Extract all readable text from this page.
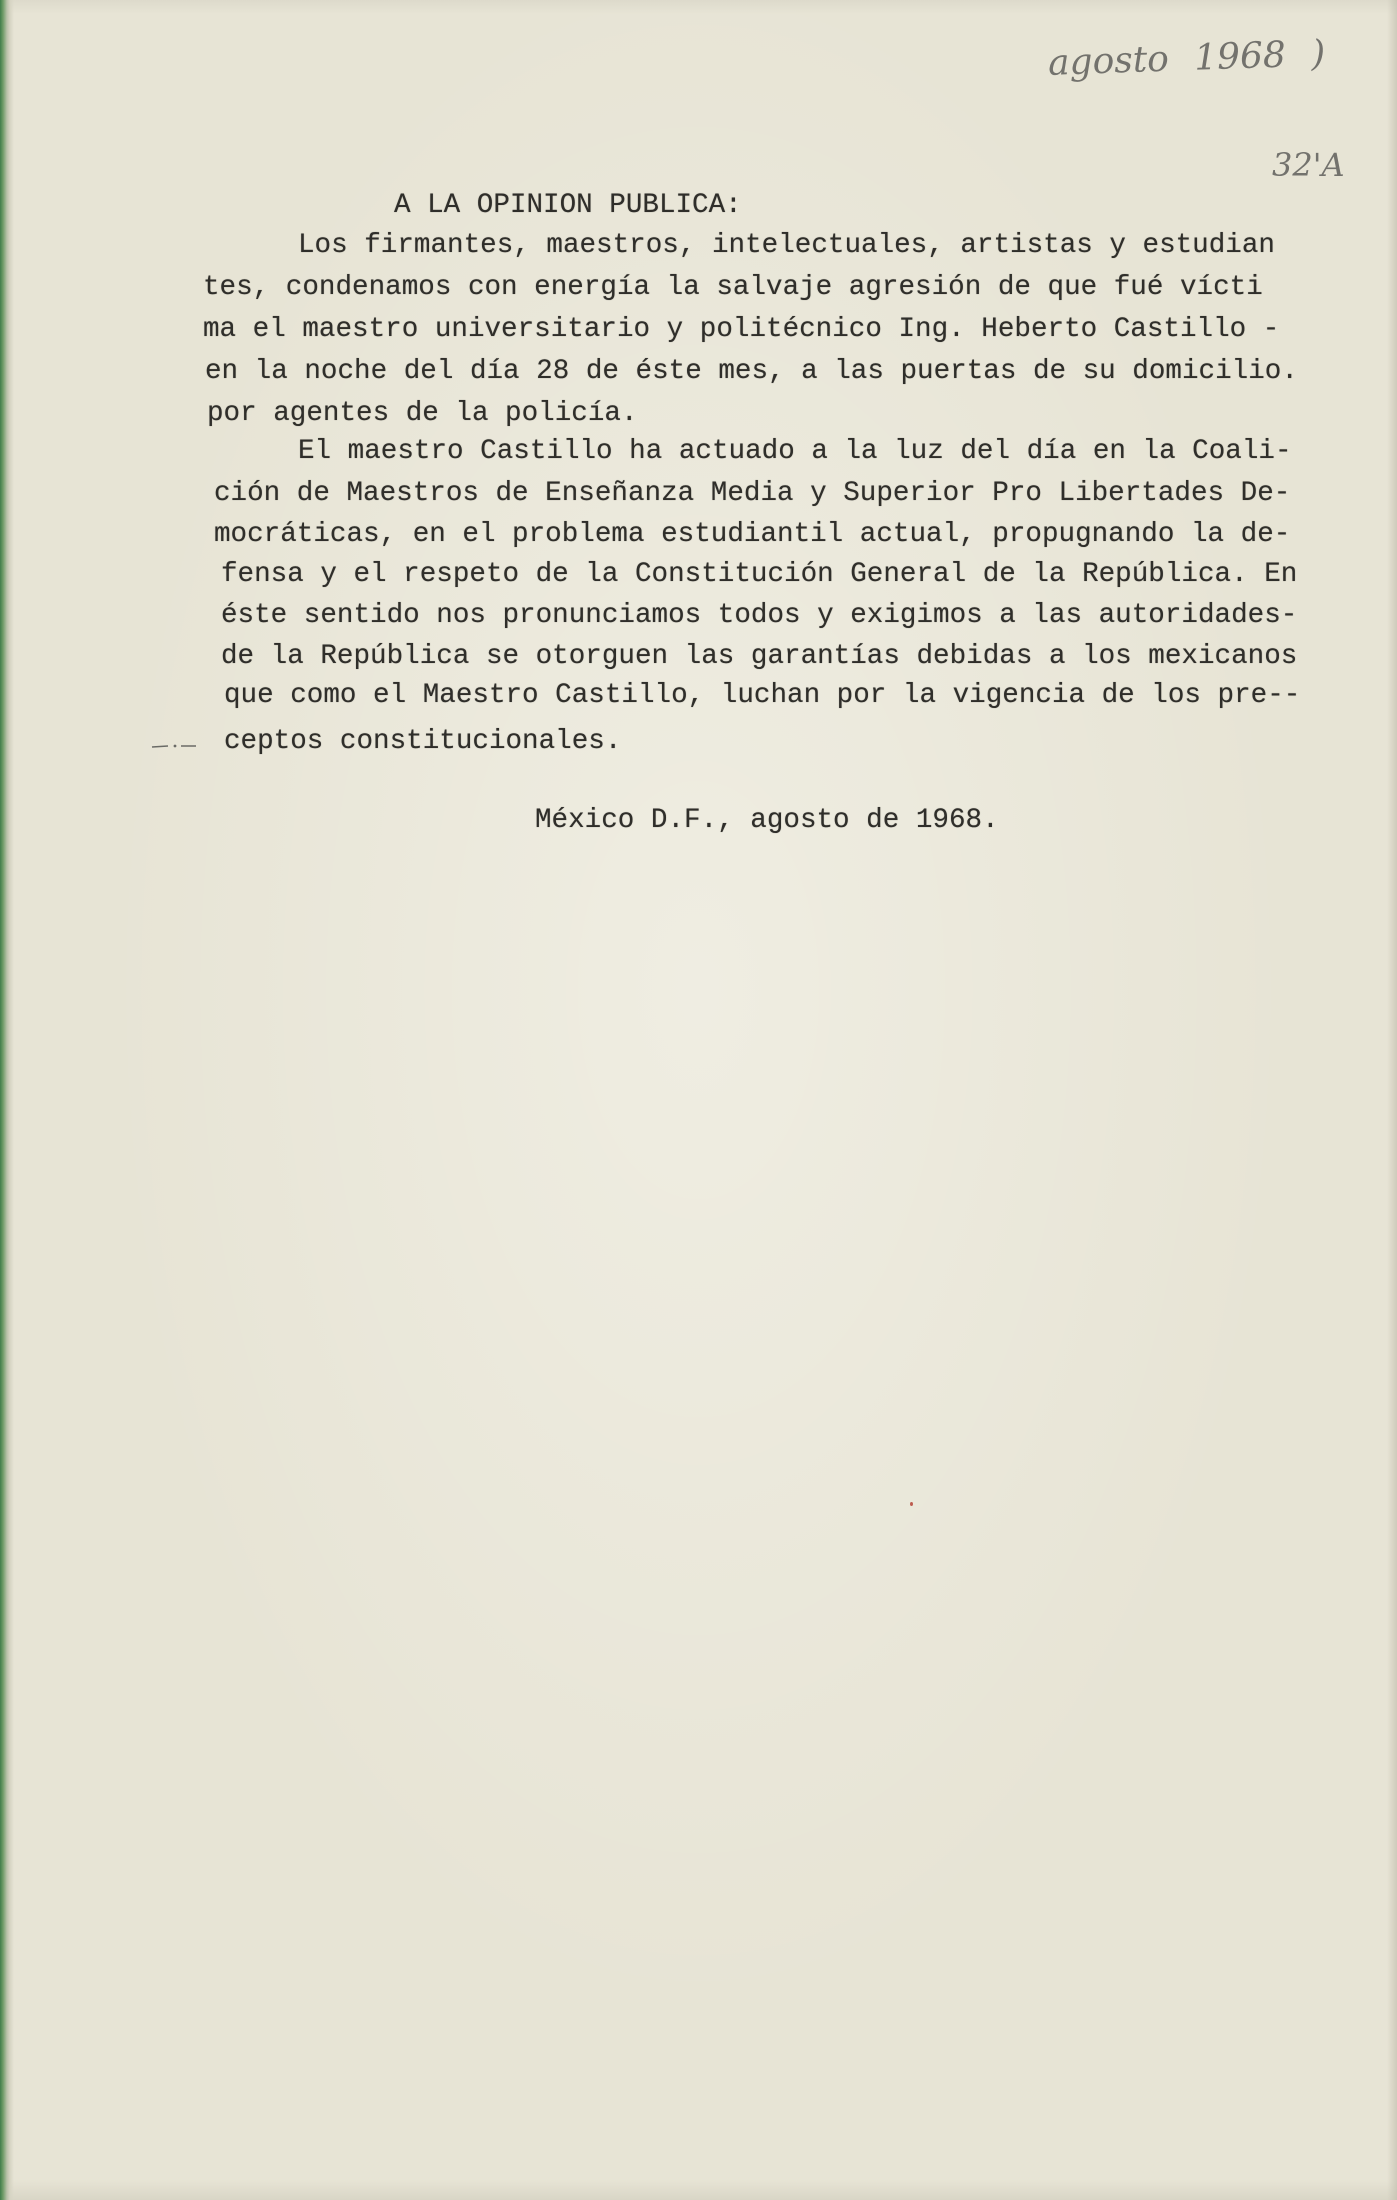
agosto 1968 )
32'A
A LA OPINION PUBLICA:
Los firmantes, maestros, intelectuales, artistas y estudian
tes, condenamos con energía la salvaje agresión de que fué vícti
ma el maestro universitario y politécnico Ing. Heberto Castillo -
en la noche del día 28 de éste mes, a las puertas de su domicilio.
por agentes de la policía.
El maestro Castillo ha actuado a la luz del día en la Coali-
ción de Maestros de Enseñanza Media y Superior Pro Libertades De-
mocráticas, en el problema estudiantil actual, propugnando la de-
fensa y el respeto de la Constitución General de la República. En
éste sentido nos pronunciamos todos y exigimos a las autoridades-
de la República se otorguen las garantías debidas a los mexicanos
que como el Maestro Castillo, luchan por la vigencia de los pre--
ceptos constitucionales.
México D.F., agosto de 1968.
